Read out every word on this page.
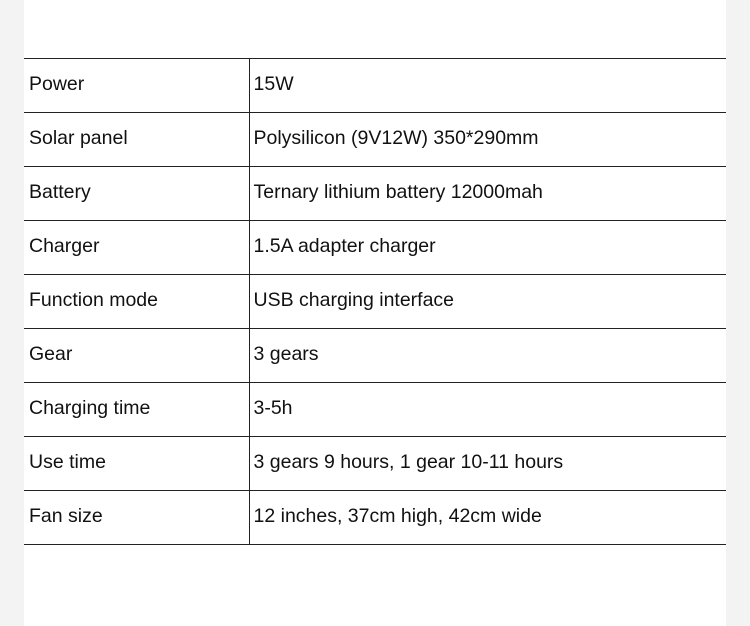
Power	15W
Solar panel	Polysilicon (9V12W) 350*290mm
Battery	Ternary lithium battery 12000mah
Charger	1.5A adapter charger
Function mode	USB charging interface
Gear	3 gears
Charging time	3-5h
Use time	3 gears 9 hours, 1 gear 10-11 hours
Fan size	12 inches, 37cm high, 42cm wide
